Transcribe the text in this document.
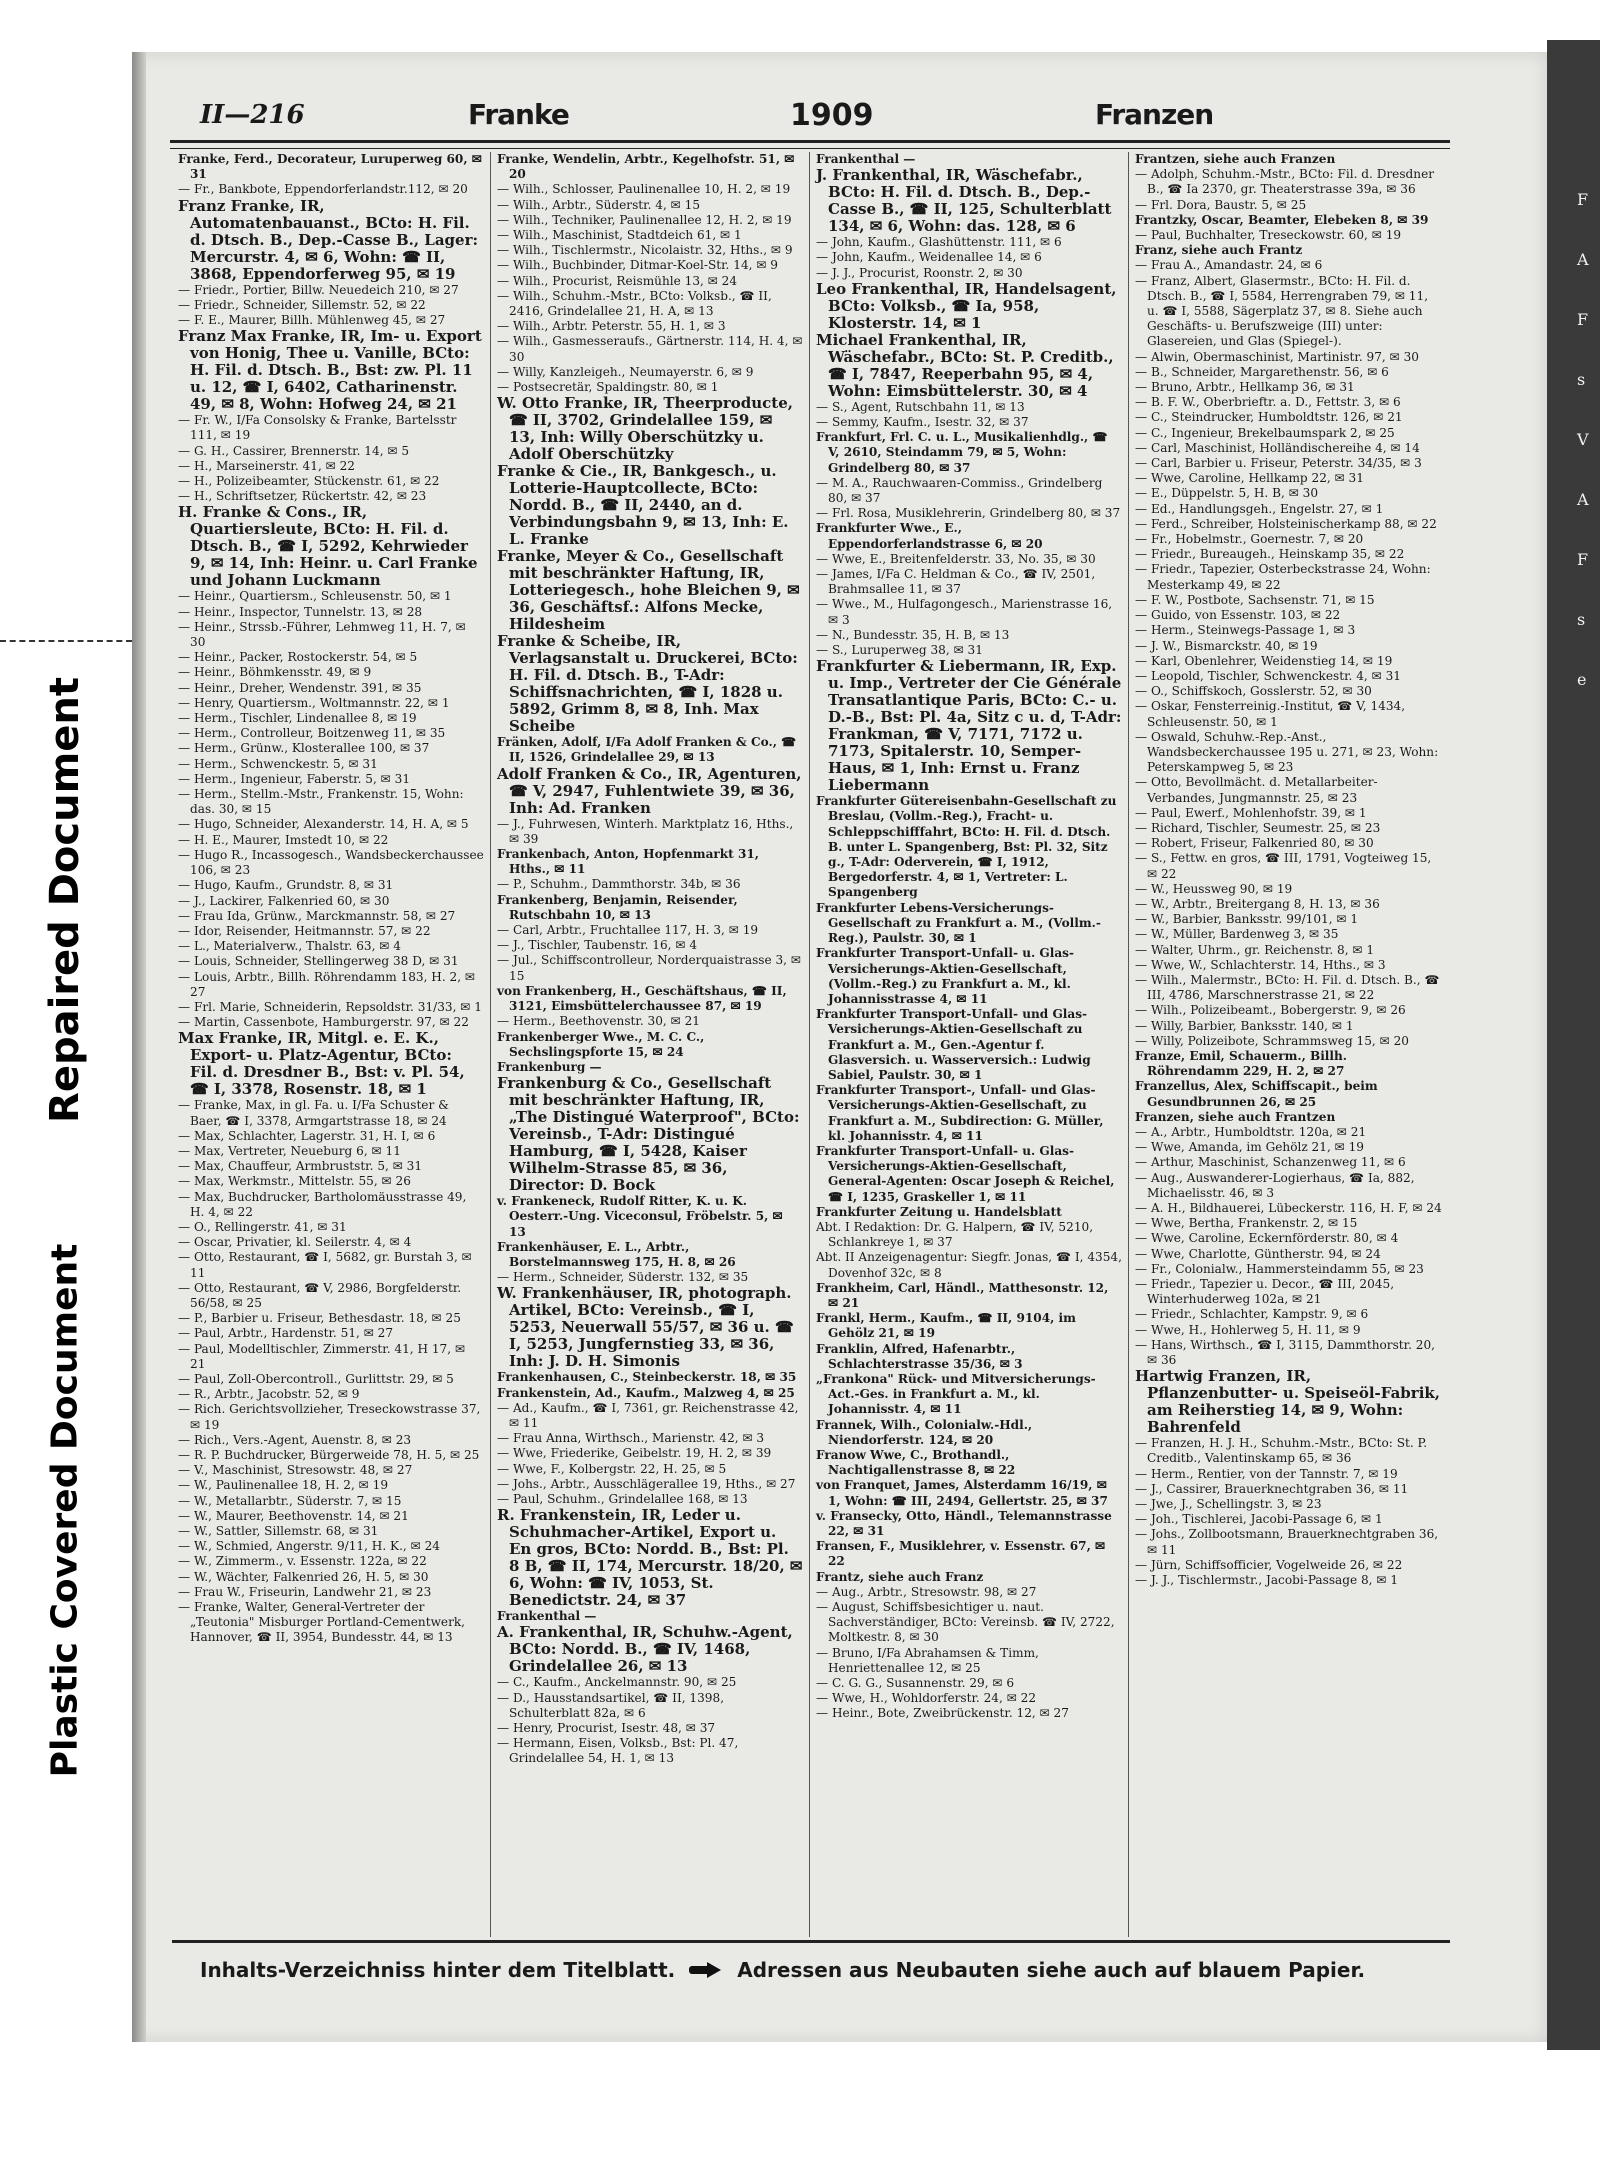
Repaired Document
Plastic Covered Document
F
A
F
s
V
A
F
s
e
II—216	Franke	1909	Franzen

Franke, Ferd., Decorateur, Luruperweg 60, ✉ 31

— Fr., Bankbote, Eppendorferlandstr.112, ✉ 20

Franz Franke, IR, Automatenbauanst., BCto: H. Fil. d. Dtsch. B., Dep.-Casse B., Lager: Mercurstr. 4, ✉ 6, Wohn: ☎ II, 3868, Eppendorferweg 95, ✉ 19

— Friedr., Portier, Billw. Neuedeich 210, ✉ 27

— Friedr., Schneider, Sillemstr. 52, ✉ 22

— F. E., Maurer, Billh. Mühlenweg 45, ✉ 27

Franz Max Franke, IR, Im- u. Export von Honig, Thee u. Vanille, BCto: H. Fil. d. Dtsch. B., Bst: zw. Pl. 11 u. 12, ☎ I, 6402, Catharinenstr. 49, ✉ 8, Wohn: Hofweg 24, ✉ 21

— Fr. W., I/Fa Consolsky & Franke, Bartelsstr 111, ✉ 19

— G. H., Cassirer, Brennerstr. 14, ✉ 5

— H., Marseinerstr. 41, ✉ 22

— H., Polizeibeamter, Stückenstr. 61, ✉ 22

— H., Schriftsetzer, Rückertstr. 42, ✉ 23

H. Franke & Cons., IR, Quartiersleute, BCto: H. Fil. d. Dtsch. B., ☎ I, 5292, Kehrwieder 9, ✉ 14, Inh: Heinr. u. Carl Franke und Johann Luckmann

— Heinr., Quartiersm., Schleusenstr. 50, ✉ 1

— Heinr., Inspector, Tunnelstr. 13, ✉ 28

— Heinr., Strssb.-Führer, Lehmweg 11, H. 7, ✉ 30

— Heinr., Packer, Rostockerstr. 54, ✉ 5

— Heinr., Böhmkensstr. 49, ✉ 9

— Heinr., Dreher, Wendenstr. 391, ✉ 35

— Henry, Quartiersm., Woltmannstr. 22, ✉ 1

— Herm., Tischler, Lindenallee 8, ✉ 19

— Herm., Controlleur, Boitzenweg 11, ✉ 35

— Herm., Grünw., Klosterallee 100, ✉ 37

— Herm., Schwenckestr. 5, ✉ 31

— Herm., Ingenieur, Faberstr. 5, ✉ 31

— Herm., Stellm.-Mstr., Frankenstr. 15, Wohn: das. 30, ✉ 15

— Hugo, Schneider, Alexanderstr. 14, H. A, ✉ 5

— H. E., Maurer, Imstedt 10, ✉ 22

— Hugo R., Incassogesch., Wandsbeckerchaussee 106, ✉ 23

— Hugo, Kaufm., Grundstr. 8, ✉ 31

— J., Lackirer, Falkenried 60, ✉ 30

— Frau Ida, Grünw., Marckmannstr. 58, ✉ 27

— Idor, Reisender, Heitmannstr. 57, ✉ 22

— L., Materialverw., Thalstr. 63, ✉ 4

— Louis, Schneider, Stellingerweg 38 D, ✉ 31

— Louis, Arbtr., Billh. Röhrendamm 183, H. 2, ✉ 27

— Frl. Marie, Schneiderin, Repsoldstr. 31/33, ✉ 1

— Martin, Cassenbote, Hamburgerstr. 97, ✉ 22

Max Franke, IR, Mitgl. e. E. K., Export- u. Platz-Agentur, BCto: Fil. d. Dresdner B., Bst: v. Pl. 54, ☎ I, 3378, Rosenstr. 18, ✉ 1

— Franke, Max, in gl. Fa. u. I/Fa Schuster & Baer, ☎ I, 3378, Armgartstrasse 18, ✉ 24

— Max, Schlachter, Lagerstr. 31, H. I, ✉ 6

— Max, Vertreter, Neueburg 6, ✉ 11

— Max, Chauffeur, Armbruststr. 5, ✉ 31

— Max, Werkmstr., Mittelstr. 55, ✉ 26

— Max, Buchdrucker, Bartholomäusstrasse 49, H. 4, ✉ 22

— O., Rellingerstr. 41, ✉ 31

— Oscar, Privatier, kl. Seilerstr. 4, ✉ 4

— Otto, Restaurant, ☎ I, 5682, gr. Burstah 3, ✉ 11

— Otto, Restaurant, ☎ V, 2986, Borgfelderstr. 56/58, ✉ 25

— P., Barbier u. Friseur, Bethesdastr. 18, ✉ 25

— Paul, Arbtr., Hardenstr. 51, ✉ 27

— Paul, Modelltischler, Zimmerstr. 41, H 17, ✉ 21

— Paul, Zoll-Obercontroll., Gurlittstr. 29, ✉ 5

— R., Arbtr., Jacobstr. 52, ✉ 9

— Rich. Gerichtsvollzieher, Treseckowstrasse 37, ✉ 19

— Rich., Vers.-Agent, Auenstr. 8, ✉ 23

— R. P. Buchdrucker, Bürgerweide 78, H. 5, ✉ 25

— V., Maschinist, Stresowstr. 48, ✉ 27

— W., Paulinenallee 18, H. 2, ✉ 19

— W., Metallarbtr., Süderstr. 7, ✉ 15

— W., Maurer, Beethovenstr. 14, ✉ 21

— W., Sattler, Sillemstr. 68, ✉ 31

— W., Schmied, Angerstr. 9/11, H. K., ✉ 24

— W., Zimmerm., v. Essenstr. 122a, ✉ 22

— W., Wächter, Falkenried 26, H. 5, ✉ 30

— Frau W., Friseurin, Landwehr 21, ✉ 23

— Franke, Walter, General-Vertreter der „Teutonia" Misburger Portland-Cementwerk, Hannover, ☎ II, 3954, Bundesstr. 44, ✉ 13

Franke, Wendelin, Arbtr., Kegelhofstr. 51, ✉ 20

— Wilh., Schlosser, Paulinenallee 10, H. 2, ✉ 19

— Wilh., Arbtr., Süderstr. 4, ✉ 15

— Wilh., Techniker, Paulinenallee 12, H. 2, ✉ 19

— Wilh., Maschinist, Stadtdeich 61, ✉ 1

— Wilh., Tischlermstr., Nicolaistr. 32, Hths., ✉ 9

— Wilh., Buchbinder, Ditmar-Koel-Str. 14, ✉ 9

— Wilh., Procurist, Reismühle 13, ✉ 24

— Wilh., Schuhm.-Mstr., BCto: Volksb., ☎ II, 2416, Grindelallee 21, H. A, ✉ 13

— Wilh., Arbtr. Peterstr. 55, H. 1, ✉ 3

— Wilh., Gasmesseraufs., Gärtnerstr. 114, H. 4, ✉ 30

— Willy, Kanzleigeh., Neumayerstr. 6, ✉ 9

— Postsecretär, Spaldingstr. 80, ✉ 1

W. Otto Franke, IR, Theerproducte, ☎ II, 3702, Grindelallee 159, ✉ 13, Inh: Willy Oberschützky u. Adolf Oberschützky

Franke & Cie., IR, Bankgesch., u. Lotterie-Hauptcollecte, BCto: Nordd. B., ☎ II, 2440, an d. Verbindungsbahn 9, ✉ 13, Inh: E. L. Franke

Franke, Meyer & Co., Gesellschaft mit beschränkter Haftung, IR, Lotteriegesch., hohe Bleichen 9, ✉ 36, Geschäftsf.: Alfons Mecke, Hildesheim

Franke & Scheibe, IR, Verlagsanstalt u. Druckerei, BCto: H. Fil. d. Dtsch. B., T-Adr: Schiffsnachrichten, ☎ I, 1828 u. 5892, Grimm 8, ✉ 8, Inh. Max Scheibe

Fränken, Adolf, I/Fa Adolf Franken & Co., ☎ II, 1526, Grindelallee 29, ✉ 13

Adolf Franken & Co., IR, Agenturen, ☎ V, 2947, Fuhlentwiete 39, ✉ 36, Inh: Ad. Franken

— J., Fuhrwesen, Winterh. Marktplatz 16, Hths., ✉ 39

Frankenbach, Anton, Hopfenmarkt 31, Hths., ✉ 11

— P., Schuhm., Dammthorstr. 34b, ✉ 36

Frankenberg, Benjamin, Reisender, Rutschbahn 10, ✉ 13

— Carl, Arbtr., Fruchtallee 117, H. 3, ✉ 19

— J., Tischler, Taubenstr. 16, ✉ 4

— Jul., Schiffscontrolleur, Norderquaistrasse 3, ✉ 15

von Frankenberg, H., Geschäftshaus, ☎ II, 3121, Eimsbüttelerchaussee 87, ✉ 19

— Herm., Beethovenstr. 30, ✉ 21

Frankenberger Wwe., M. C. C., Sechslingspforte 15, ✉ 24

Frankenburg —

Frankenburg & Co., Gesellschaft mit beschränkter Haftung, IR, „The Distingué Waterproof", BCto: Vereinsb., T-Adr: Distingué Hamburg, ☎ I, 5428, Kaiser Wilhelm-Strasse 85, ✉ 36, Director: D. Bock

v. Frankeneck, Rudolf Ritter, K. u. K. Oesterr.-Ung. Viceconsul, Fröbelstr. 5, ✉ 13

Frankenhäuser, E. L., Arbtr., Borstelmannsweg 175, H. 8, ✉ 26

— Herm., Schneider, Süderstr. 132, ✉ 35

W. Frankenhäuser, IR, photograph. Artikel, BCto: Vereinsb., ☎ I, 5253, Neuerwall 55/57, ✉ 36 u. ☎ I, 5253, Jungfernstieg 33, ✉ 36, Inh: J. D. H. Simonis

Frankenhausen, C., Steinbeckerstr. 18, ✉ 35

Frankenstein, Ad., Kaufm., Malzweg 4, ✉ 25

— Ad., Kaufm., ☎ I, 7361, gr. Reichenstrasse 42, ✉ 11

— Frau Anna, Wirthsch., Marienstr. 42, ✉ 3

— Wwe, Friederike, Geibelstr. 19, H. 2, ✉ 39

— Wwe, F., Kolbergstr. 22, H. 25, ✉ 5

— Johs., Arbtr., Ausschlägerallee 19, Hths., ✉ 27

— Paul, Schuhm., Grindelallee 168, ✉ 13

R. Frankenstein, IR, Leder u. Schuhmacher-Artikel, Export u. En gros, BCto: Nordd. B., Bst: Pl. 8 B, ☎ II, 174, Mercurstr. 18/20, ✉ 6, Wohn: ☎ IV, 1053, St. Benedictstr. 24, ✉ 37

Frankenthal —

A. Frankenthal, IR, Schuhw.-Agent, BCto: Nordd. B., ☎ IV, 1468, Grindelallee 26, ✉ 13

— C., Kaufm., Anckelmannstr. 90, ✉ 25

— D., Hausstandsartikel, ☎ II, 1398, Schulterblatt 82a, ✉ 6

— Henry, Procurist, Isestr. 48, ✉ 37

— Hermann, Eisen, Volksb., Bst: Pl. 47, Grindelallee 54, H. 1, ✉ 13

Frankenthal —

J. Frankenthal, IR, Wäschefabr., BCto: H. Fil. d. Dtsch. B., Dep.-Casse B., ☎ II, 125, Schulterblatt 134, ✉ 6, Wohn: das. 128, ✉ 6

— John, Kaufm., Glashüttenstr. 111, ✉ 6

— John, Kaufm., Weidenallee 14, ✉ 6

— J. J., Procurist, Roonstr. 2, ✉ 30

Leo Frankenthal, IR, Handelsagent, BCto: Volksb., ☎ Ia, 958, Klosterstr. 14, ✉ 1

Michael Frankenthal, IR, Wäschefabr., BCto: St. P. Creditb., ☎ I, 7847, Reeperbahn 95, ✉ 4, Wohn: Eimsbüttelerstr. 30, ✉ 4

— S., Agent, Rutschbahn 11, ✉ 13

— Semmy, Kaufm., Isestr. 32, ✉ 37

Frankfurt, Frl. C. u. L., Musikalienhdlg., ☎ V, 2610, Steindamm 79, ✉ 5, Wohn: Grindelberg 80, ✉ 37

— M. A., Rauchwaaren-Commiss., Grindelberg 80, ✉ 37

— Frl. Rosa, Musiklehrerin, Grindelberg 80, ✉ 37

Frankfurter Wwe., E., Eppendorferlandstrasse 6, ✉ 20

— Wwe, E., Breitenfelderstr. 33, No. 35, ✉ 30

— James, I/Fa C. Heldman & Co., ☎ IV, 2501, Brahmsallee 11, ✉ 37

— Wwe., M., Hulfagongesch., Marienstrasse 16, ✉ 3

— N., Bundesstr. 35, H. B, ✉ 13

— S., Luruperweg 38, ✉ 31

Frankfurter & Liebermann, IR, Exp. u. Imp., Vertreter der Cie Générale Transatlantique Paris, BCto: C.- u. D.-B., Bst: Pl. 4a, Sitz c u. d, T-Adr: Frankman, ☎ V, 7171, 7172 u. 7173, Spitalerstr. 10, Semper-Haus, ✉ 1, Inh: Ernst u. Franz Liebermann

Frankfurter Gütereisenbahn-Gesellschaft zu Breslau, (Vollm.-Reg.), Fracht- u. Schleppschifffahrt, BCto: H. Fil. d. Dtsch. B. unter L. Spangenberg, Bst: Pl. 32, Sitz g., T-Adr: Oderverein, ☎ I, 1912, Bergedorferstr. 4, ✉ 1, Vertreter: L. Spangenberg

Frankfurter Lebens-Versicherungs-Gesellschaft zu Frankfurt a. M., (Vollm.-Reg.), Paulstr. 30, ✉ 1

Frankfurter Transport-Unfall- u. Glas-Versicherungs-Aktien-Gesellschaft, (Vollm.-Reg.) zu Frankfurt a. M., kl. Johannisstrasse 4, ✉ 11

Frankfurter Transport-Unfall- und Glas-Versicherungs-Aktien-Gesellschaft zu Frankfurt a. M., Gen.-Agentur f. Glasversich. u. Wasserversich.: Ludwig Sabiel, Paulstr. 30, ✉ 1

Frankfurter Transport-, Unfall- und Glas-Versicherungs-Aktien-Gesellschaft, zu Frankfurt a. M., Subdirection: G. Müller, kl. Johannisstr. 4, ✉ 11

Frankfurter Transport-Unfall- u. Glas-Versicherungs-Aktien-Gesellschaft, General-Agenten: Oscar Joseph & Reichel, ☎ I, 1235, Graskeller 1, ✉ 11

Frankfurter Zeitung u. Handelsblatt

Abt. I Redaktion: Dr. G. Halpern, ☎ IV, 5210, Schlankreye 1, ✉ 37

Abt. II Anzeigenagentur: Siegfr. Jonas, ☎ I, 4354, Dovenhof 32c, ✉ 8

Frankheim, Carl, Händl., Matthesonstr. 12, ✉ 21

Frankl, Herm., Kaufm., ☎ II, 9104, im Gehölz 21, ✉ 19

Franklin, Alfred, Hafenarbtr., Schlachterstrasse 35/36, ✉ 3

„Frankona" Rück- und Mitversicherungs-Act.-Ges. in Frankfurt a. M., kl. Johannisstr. 4, ✉ 11

Frannek, Wilh., Colonialw.-Hdl., Niendorferstr. 124, ✉ 20

Franow Wwe, C., Brothandl., Nachtigallenstrasse 8, ✉ 22

von Franquet, James, Alsterdamm 16/19, ✉ 1, Wohn: ☎ III, 2494, Gellertstr. 25, ✉ 37

v. Fransecky, Otto, Händl., Telemannstrasse 22, ✉ 31

Fransen, F., Musiklehrer, v. Essenstr. 67, ✉ 22

Frantz, siehe auch Franz

— Aug., Arbtr., Stresowstr. 98, ✉ 27

— August, Schiffsbesichtiger u. naut. Sachverständiger, BCto: Vereinsb. ☎ IV, 2722, Moltkestr. 8, ✉ 30

— Bruno, I/Fa Abrahamsen & Timm, Henriettenallee 12, ✉ 25

— C. G. G., Susannenstr. 29, ✉ 6

— Wwe, H., Wohldorferstr. 24, ✉ 22

— Heinr., Bote, Zweibrückenstr. 12, ✉ 27

Frantzen, siehe auch Franzen

— Adolph, Schuhm.-Mstr., BCto: Fil. d. Dresdner B., ☎ Ia 2370, gr. Theaterstrasse 39a, ✉ 36

— Frl. Dora, Baustr. 5, ✉ 25

Frantzky, Oscar, Beamter, Elebeken 8, ✉ 39

— Paul, Buchhalter, Treseckowstr. 60, ✉ 19

Franz, siehe auch Frantz

— Frau A., Amandastr. 24, ✉ 6

— Franz, Albert, Glasermstr., BCto: H. Fil. d. Dtsch. B., ☎ I, 5584, Herrengraben 79, ✉ 11, u. ☎ I, 5588, Sägerplatz 37, ✉ 8. Siehe auch Geschäfts- u. Berufszweige (III) unter: Glasereien, und Glas (Spiegel-).

— Alwin, Obermaschinist, Martinistr. 97, ✉ 30

— B., Schneider, Margarethenstr. 56, ✉ 6

— Bruno, Arbtr., Hellkamp 36, ✉ 31

— B. F. W., Oberbrieftr. a. D., Fettstr. 3, ✉ 6

— C., Steindrucker, Humboldtstr. 126, ✉ 21

— C., Ingenieur, Brekelbaumspark 2, ✉ 25

— Carl, Maschinist, Holländischereihe 4, ✉ 14

— Carl, Barbier u. Friseur, Peterstr. 34/35, ✉ 3

— Wwe, Caroline, Hellkamp 22, ✉ 31

— E., Düppelstr. 5, H. B, ✉ 30

— Ed., Handlungsgeh., Engelstr. 27, ✉ 1

— Ferd., Schreiber, Holsteinischerkamp 88, ✉ 22

— Fr., Hobelmstr., Goernestr. 7, ✉ 20

— Friedr., Bureaugeh., Heinskamp 35, ✉ 22

— Friedr., Tapezier, Osterbeckstrasse 24, Wohn: Mesterkamp 49, ✉ 22

— F. W., Postbote, Sachsenstr. 71, ✉ 15

— Guido, von Essenstr. 103, ✉ 22

— Herm., Steinwegs-Passage 1, ✉ 3

— J. W., Bismarckstr. 40, ✉ 19

— Karl, Obenlehrer, Weidenstieg 14, ✉ 19

— Leopold, Tischler, Schwenckestr. 4, ✉ 31

— O., Schiffskoch, Gosslerstr. 52, ✉ 30

— Oskar, Fensterreinig.-Institut, ☎ V, 1434, Schleusenstr. 50, ✉ 1

— Oswald, Schuhw.-Rep.-Anst., Wandsbeckerchaussee 195 u. 271, ✉ 23, Wohn: Peterskampweg 5, ✉ 23

— Otto, Bevollmächt. d. Metallarbeiter-Verbandes, Jungmannstr. 25, ✉ 23

— Paul, Ewerf., Mohlenhofstr. 39, ✉ 1

— Richard, Tischler, Seumestr. 25, ✉ 23

— Robert, Friseur, Falkenried 80, ✉ 30

— S., Fettw. en gros, ☎ III, 1791, Vogteiweg 15, ✉ 22

— W., Heussweg 90, ✉ 19

— W., Arbtr., Breitergang 8, H. 13, ✉ 36

— W., Barbier, Banksstr. 99/101, ✉ 1

— W., Müller, Bardenweg 3, ✉ 35

— Walter, Uhrm., gr. Reichenstr. 8, ✉ 1

— Wwe, W., Schlachterstr. 14, Hths., ✉ 3

— Wilh., Malermstr., BCto: H. Fil. d. Dtsch. B., ☎ III, 4786, Marschnerstrasse 21, ✉ 22

— Wilh., Polizeibeamt., Bobergerstr. 9, ✉ 26

— Willy, Barbier, Banksstr. 140, ✉ 1

— Willy, Polizeibote, Schrammsweg 15, ✉ 20

Franze, Emil, Schauerm., Billh. Röhrendamm 229, H. 2, ✉ 27

Franzellus, Alex, Schiffscapit., beim Gesundbrunnen 26, ✉ 25

Franzen, siehe auch Frantzen

— A., Arbtr., Humboldtstr. 120a, ✉ 21

— Wwe, Amanda, im Gehölz 21, ✉ 19

— Arthur, Maschinist, Schanzenweg 11, ✉ 6

— Aug., Auswanderer-Logierhaus, ☎ Ia, 882, Michaelisstr. 46, ✉ 3

— A. H., Bildhauerei, Lübeckerstr. 116, H. F, ✉ 24

— Wwe, Bertha, Frankenstr. 2, ✉ 15

— Wwe, Caroline, Eckernförderstr. 80, ✉ 4

— Wwe, Charlotte, Güntherstr. 94, ✉ 24

— Fr., Colonialw., Hammersteindamm 55, ✉ 23

— Friedr., Tapezier u. Decor., ☎ III, 2045, Winterhuderweg 102a, ✉ 21

— Friedr., Schlachter, Kampstr. 9, ✉ 6

— Wwe, H., Hohlerweg 5, H. 11, ✉ 9

— Hans, Wirthsch., ☎ I, 3115, Dammthorstr. 20, ✉ 36

Hartwig Franzen, IR, Pflanzenbutter- u. Speiseöl-Fabrik, am Reiherstieg 14, ✉ 9, Wohn: Bahrenfeld

— Franzen, H. J. H., Schuhm.-Mstr., BCto: St. P. Creditb., Valentinskamp 65, ✉ 36

— Herm., Rentier, von der Tannstr. 7, ✉ 19

— J., Cassirer, Brauerknechtgraben 36, ✉ 11

— Jwe, J., Schellingstr. 3, ✉ 23

— Joh., Tischlerei, Jacobi-Passage 6, ✉ 1

— Johs., Zollbootsmann, Brauerknechtgraben 36, ✉ 11

— Jürn, Schiffsofficier, Vogelweide 26, ✉ 22

— J. J., Tischlermstr., Jacobi-Passage 8, ✉ 1

Inhalts-Verzeichniss hinter dem Titelblatt.	Adressen aus Neubauten siehe auch auf blauem Papier.
